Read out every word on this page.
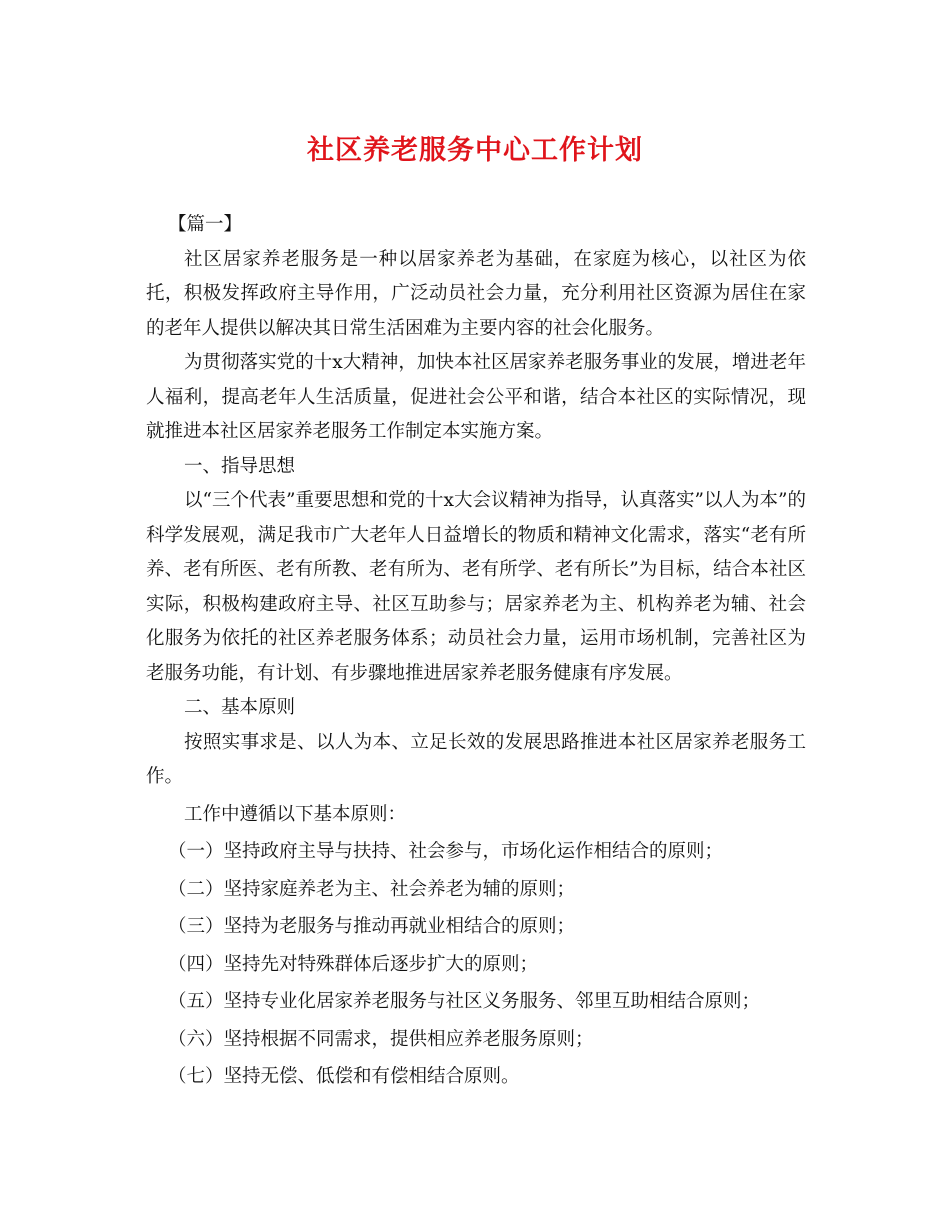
社区养老服务中心工作计划

【篇一】

社区居家养老服务是一种以居家养老为基础，在家庭为核心，以社区为依托，积极发挥政府主导作用，广泛动员社会力量，充分利用社区资源为居住在家的老年人提供以解决其日常生活困难为主要内容的社会化服务。

为贯彻落实党的十x大精神，加快本社区居家养老服务事业的发展，增进老年人福利，提高老年人生活质量，促进社会公平和谐，结合本社区的实际情况，现就推进本社区居家养老服务工作制定本实施方案。

一、指导思想

以“三个代表”重要思想和党的十x大会议精神为指导，认真落实”以人为本”的科学发展观，满足我市广大老年人日益增长的物质和精神文化需求，落实“老有所养、老有所医、老有所教、老有所为、老有所学、老有所长”为目标，结合本社区实际，积极构建政府主导、社区互助参与；居家养老为主、机构养老为辅、社会化服务为依托的社区养老服务体系；动员社会力量，运用市场机制，完善社区为老服务功能，有计划、有步骤地推进居家养老服务健康有序发展。

二、基本原则

按照实事求是、以人为本、立足长效的发展思路推进本社区居家养老服务工作。

工作中遵循以下基本原则：

（一）坚持政府主导与扶持、社会参与，市场化运作相结合的原则；

（二）坚持家庭养老为主、社会养老为辅的原则；

（三）坚持为老服务与推动再就业相结合的原则；

（四）坚持先对特殊群体后逐步扩大的原则；

（五）坚持专业化居家养老服务与社区义务服务、邻里互助相结合原则；

（六）坚持根据不同需求，提供相应养老服务原则；

（七）坚持无偿、低偿和有偿相结合原则。
